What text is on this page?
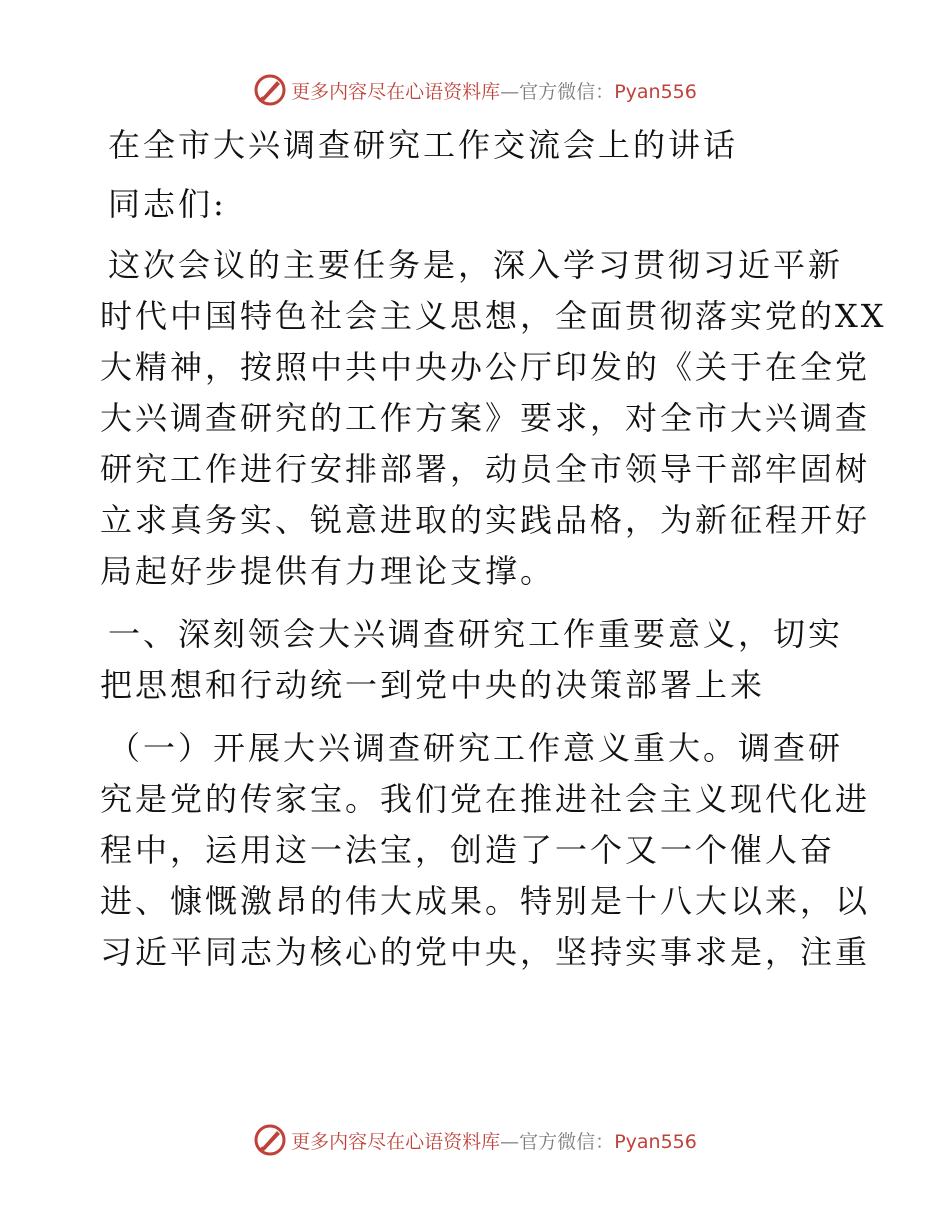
更多内容尽在心语资料库—官方微信：Pyan556
在全市大兴调查研究工作交流会上的讲话
同志们:
这次会议的主要任务是，深入学习贯彻习近平新
时代中国特色社会主义思想，全面贯彻落实党的XX
大精神，按照中共中央办公厅印发的《关于在全党
大兴调查研究的工作方案》要求，对全市大兴调查
研究工作进行安排部署，动员全市领导干部牢固树
立求真务实、锐意进取的实践品格，为新征程开好
局起好步提供有力理论支撑。
一、深刻领会大兴调查研究工作重要意义，切实
把思想和行动统一到党中央的决策部署上来
（一）开展大兴调查研究工作意义重大。调查研
究是党的传家宝。我们党在推进社会主义现代化进
程中，运用这一法宝，创造了一个又一个催人奋
进、慷慨激昂的伟大成果。特别是十八大以来，以
习近平同志为核心的党中央，坚持实事求是，注重
更多内容尽在心语资料库—官方微信：Pyan556
